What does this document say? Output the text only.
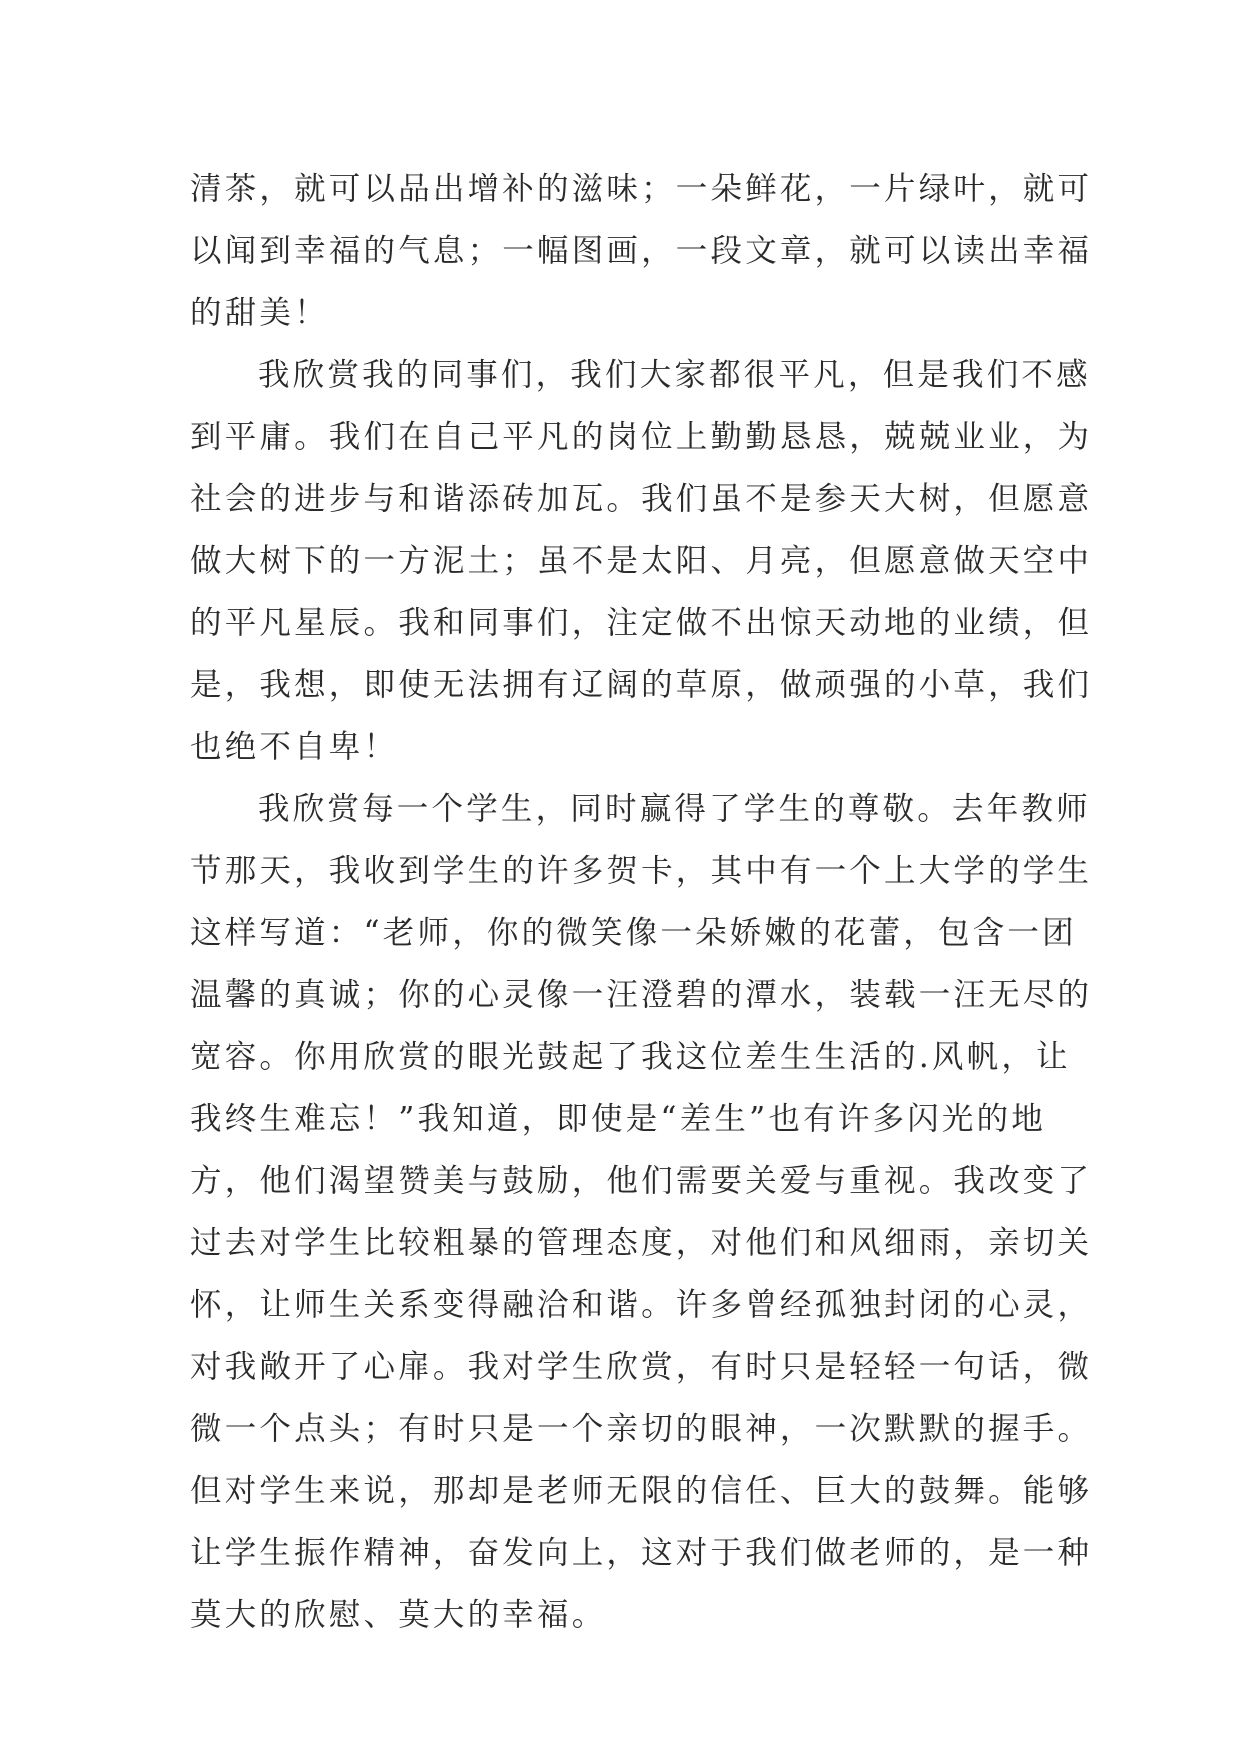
清茶，就可以品出增补的滋味；一朵鲜花，一片绿叶，就可
以闻到幸福的气息；一幅图画，一段文章，就可以读出幸福
的甜美！
我欣赏我的同事们，我们大家都很平凡，但是我们不感
到平庸。我们在自己平凡的岗位上勤勤恳恳，兢兢业业，为
社会的进步与和谐添砖加瓦。我们虽不是参天大树，但愿意
做大树下的一方泥土；虽不是太阳、月亮，但愿意做天空中
的平凡星辰。我和同事们，注定做不出惊天动地的业绩，但
是，我想，即使无法拥有辽阔的草原，做顽强的小草，我们
也绝不自卑！
我欣赏每一个学生，同时赢得了学生的尊敬。去年教师
节那天，我收到学生的许多贺卡，其中有一个上大学的学生
这样写道：“老师，你的微笑像一朵娇嫩的花蕾，包含一团
温馨的真诚；你的心灵像一汪澄碧的潭水，装载一汪无尽的
宽容。你用欣赏的眼光鼓起了我这位差生生活的.风帆，让
我终生难忘！”我知道，即使是“差生”也有许多闪光的地
方，他们渴望赞美与鼓励，他们需要关爱与重视。我改变了
过去对学生比较粗暴的管理态度，对他们和风细雨，亲切关
怀，让师生关系变得融洽和谐。许多曾经孤独封闭的心灵，
对我敞开了心扉。我对学生欣赏，有时只是轻轻一句话，微
微一个点头；有时只是一个亲切的眼神，一次默默的握手。
但对学生来说，那却是老师无限的信任、巨大的鼓舞。能够
让学生振作精神，奋发向上，这对于我们做老师的，是一种
莫大的欣慰、莫大的幸福。
